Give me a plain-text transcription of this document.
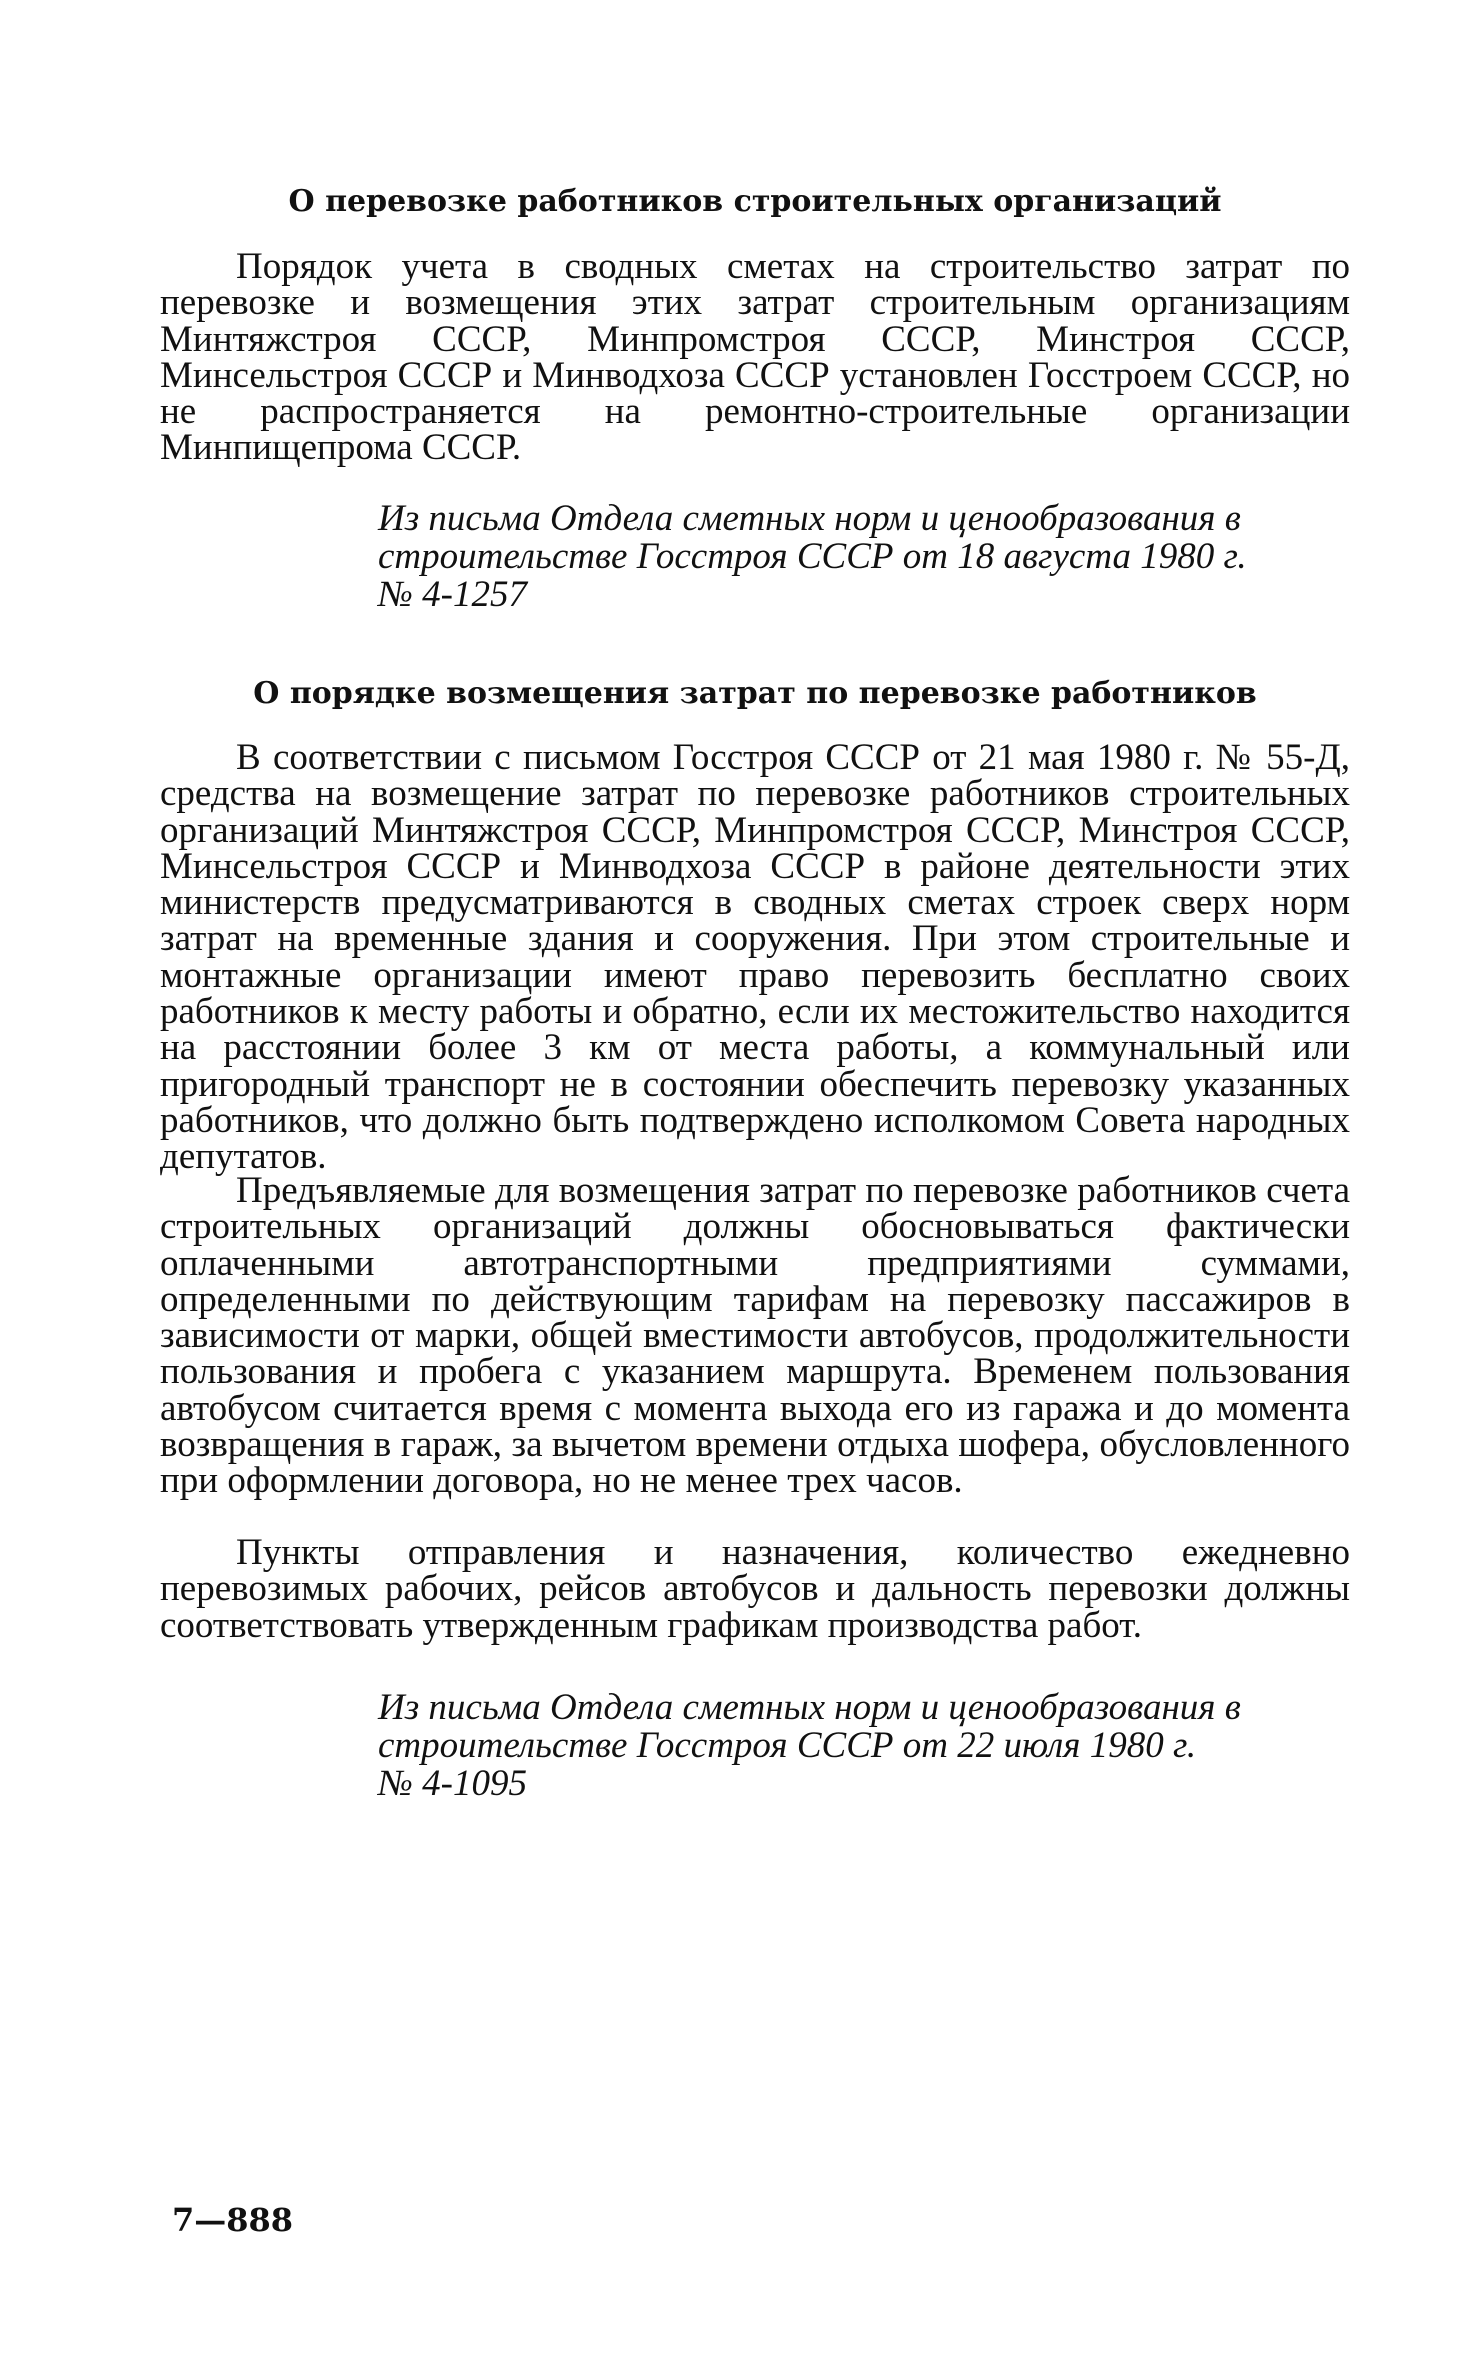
О перевозке работников строительных организаций

Порядок учета в сводных сметах на строительство затрат по перевозке и возмещения этих затрат строительным организациям Минтяжстроя СССР, Минпромстроя СССР, Минстроя СССР, Минсельстроя СССР и Минводхоза СССР установлен Госстроем СССР, но не распространяется на ремонтно-строительные организации Минпищепрома СССР.

Из письма Отдела сметных норм и ценообразования в
строительстве Госстроя СССР от 18 августа 1980 г.
№ 4-1257
О порядке возмещения затрат по перевозке работников

В соответствии с письмом Госстроя СССР от 21 мая 1980 г. № 55-Д, средства на возмещение затрат по перевозке работников строительных организаций Минтяжстроя СССР, Минпромстроя СССР, Минстроя СССР, Минсельстроя СССР и Минводхоза СССР в районе деятельности этих министерств предусматриваются в сводных сметах строек сверх норм затрат на временные здания и сооружения. При этом строительные и монтажные организации имеют право перевозить бесплатно своих работников к месту работы и обратно, если их местожительство находится на расстоянии более 3 км от места работы, а коммунальный или пригородный транспорт не в состоянии обеспечить перевозку указанных работников, что должно быть подтверждено исполкомом Совета народных депутатов.

Предъявляемые для возмещения затрат по перевозке работников счета строительных организаций должны обосновываться фактически оплаченными автотранспортными предприятиями суммами, определенными по действующим тарифам на перевозку пассажиров в зависимости от марки, общей вместимости автобусов, продолжительности пользования и пробега с указанием маршрута. Временем пользования автобусом считается время с момента выхода его из гаража и до момента возвращения в гараж, за вычетом времени отдыха шофера, обусловленного при оформлении договора, но не менее трех часов.

Пункты отправления и назначения, количество ежедневно перевозимых рабочих, рейсов автобусов и дальность перевозки должны соответствовать утвержденным графикам производства работ.

Из письма Отдела сметных норм и ценообразования в
строительстве Госстроя СССР от 22 июля 1980 г.
№ 4-1095
7—888
